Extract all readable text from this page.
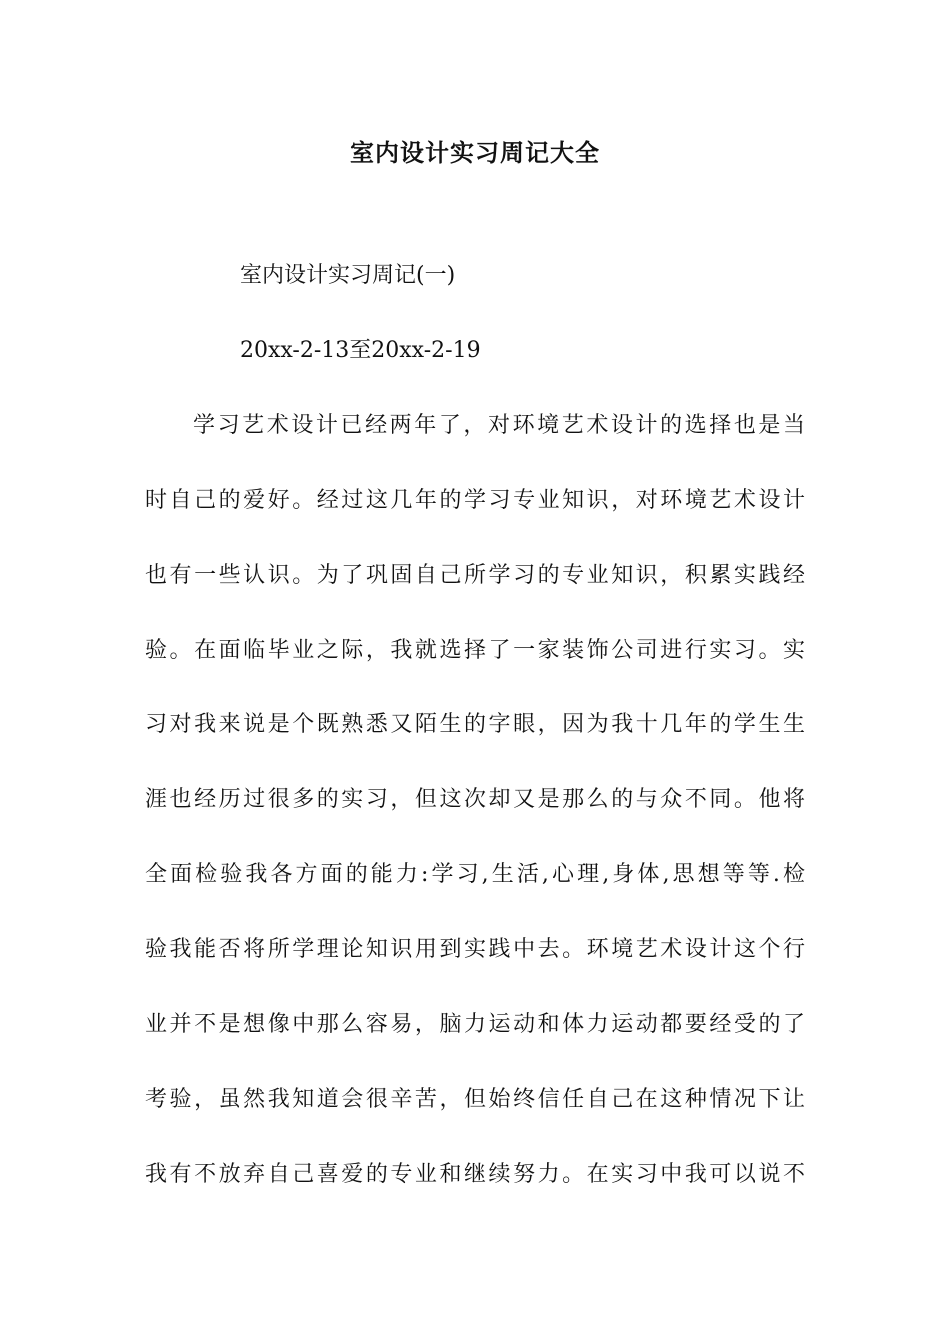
室内设计实习周记大全
室内设计实习周记(一)
20xx-2-13至20xx-2-19
学习艺术设计已经两年了，对环境艺术设计的选择也是当
时自己的爱好。经过这几年的学习专业知识，对环境艺术设计
也有一些认识。为了巩固自己所学习的专业知识，积累实践经
验。在面临毕业之际，我就选择了一家装饰公司进行实习。实
习对我来说是个既熟悉又陌生的字眼，因为我十几年的学生生
涯也经历过很多的实习，但这次却又是那么的与众不同。他将
全面检验我各方面的能力:学习,生活,心理,身体,思想等等.检
验我能否将所学理论知识用到实践中去。环境艺术设计这个行
业并不是想像中那么容易，脑力运动和体力运动都要经受的了
考验，虽然我知道会很辛苦，但始终信任自己在这种情况下让
我有不放弃自己喜爱的专业和继续努力。在实习中我可以说不
